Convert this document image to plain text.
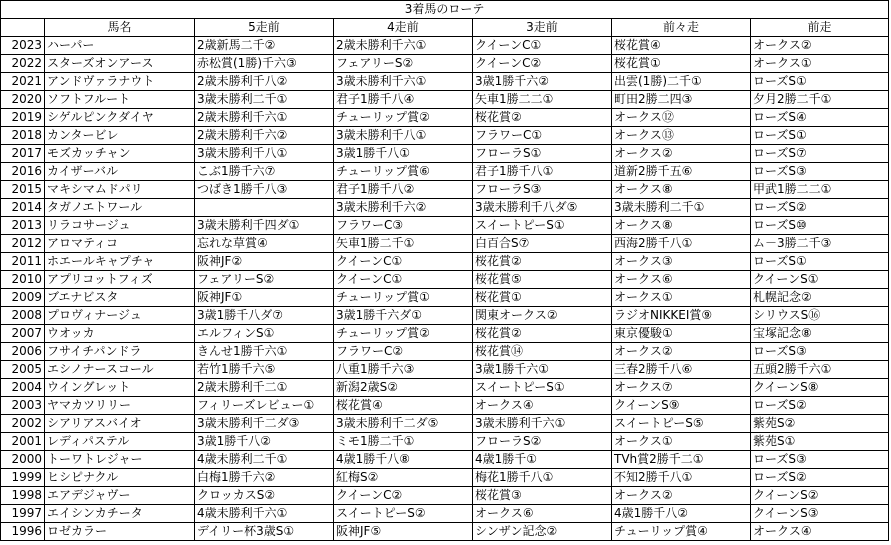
3着馬のローテ						
	馬名	5走前	4走前	3走前	前々走	前走
2023	ハーパー	2歳新馬二千②	2歳未勝利千六①	クイーンC①	桜花賞④	オークス②
2022	スターズオンアース	赤松賞(1勝)千六③	フェアリーS②	クイーンC②	桜花賞①	オークス①
2021	アンドヴァラナウト	2歳未勝利千八②	3歳未勝利千六①	3歳1勝千六②	出雲(1勝)二千①	ローズS①
2020	ソフトフルート	3歳未勝利二千①	君子1勝千八④	矢車1勝二二①	町田2勝二四③	夕月2勝二千①
2019	シゲルピンクダイヤ	2歳未勝利千六①	チューリップ賞②	桜花賞②	オークス⑫	ローズS④
2018	カンタービレ	2歳未勝利千六②	3歳未勝利千八①	フラワーC①	オークス⑬	ローズS①
2017	モズカッチャン	3歳未勝利千八①	3歳1勝千八①	フローラS①	オークス②	ローズS⑦
2016	カイザーバル	こぶ1勝千六⑦	チューリップ賞⑥	君子1勝千八①	道新2勝千五⑥	ローズS③
2015	マキシマムドパリ	つばき1勝千八③	君子1勝千八②	フローラS③	オークス⑧	甲武1勝二二①
2014	タガノエトワール		3歳未勝利千六②	3歳未勝利千八ダ⑤	3歳未勝利二千①	ローズS②
2013	リラコサージュ	3歳未勝利千四ダ①	フラワーC③	スイートピーS①	オークス⑧	ローズS⑩
2012	アロマティコ	忘れな草賞④	矢車1勝二千①	白百合S⑦	西海2勝千八①	ム－3勝二千③
2011	ホエールキャプチャ	阪神JF②	クイーンC①	桜花賞②	オークス③	ローズS①
2010	アプリコットフィズ	フェアリーS②	クイーンC①	桜花賞⑤	オークス⑥	クイーンS①
2009	ブエナビスタ	阪神JF①	チューリップ賞①	桜花賞①	オークス①	札幌記念②
2008	プロヴィナージュ	3歳1勝千八ダ⑦	3歳1勝千六ダ①	関東オークス②	ラジオNIKKEI賞⑨	シリウスS⑯
2007	ウオッカ	エルフィンS①	チューリップ賞②	桜花賞②	東京優駿①	宝塚記念⑧
2006	フサイチパンドラ	きんせ1勝千六①	フラワーC②	桜花賞⑭	オークス②	ローズS③
2005	エシノナースコール	若竹1勝千六⑤	八重1勝千六③	3歳1勝千六①	三春2勝千八⑥	五頭2勝千六①
2004	ウイングレット	2歳未勝利千二①	新潟2歳S②	スイートピーS①	オークス⑦	クイーンS⑧
2003	ヤマカツリリー	フィリーズレビュー①	桜花賞④	オークス④	クイーンS⑨	ローズS②
2002	シアリアスバイオ	3歳未勝利千二ダ③	3歳未勝利千二ダ⑤	3歳未勝利千六①	スイートピーS⑤	紫苑S②
2001	レディパステル	3歳1勝千八②	ミモ1勝二千①	フローラS②	オークス①	紫苑S①
2000	トーワトレジャー	4歳未勝利二千①	4歳1勝千八⑧	4歳1勝千①	TVh賞2勝千二①	ローズS③
1999	ヒシピナクル	白梅1勝千六②	紅梅S②	梅花1勝千八①	不知2勝千八①	ローズS②
1998	エアデジャヴー	クロッカスS②	クイーンC②	桜花賞③	オークス②	クイーンS②
1997	エイシンカチータ	4歳未勝利千六①	スイートピーS②	オークス⑥	4歳1勝千八②	クイーンS③
1996	ロゼカラー	デイリー杯3歳S①	阪神JF⑤	シンザン記念②	チューリップ賞④	オークス④
